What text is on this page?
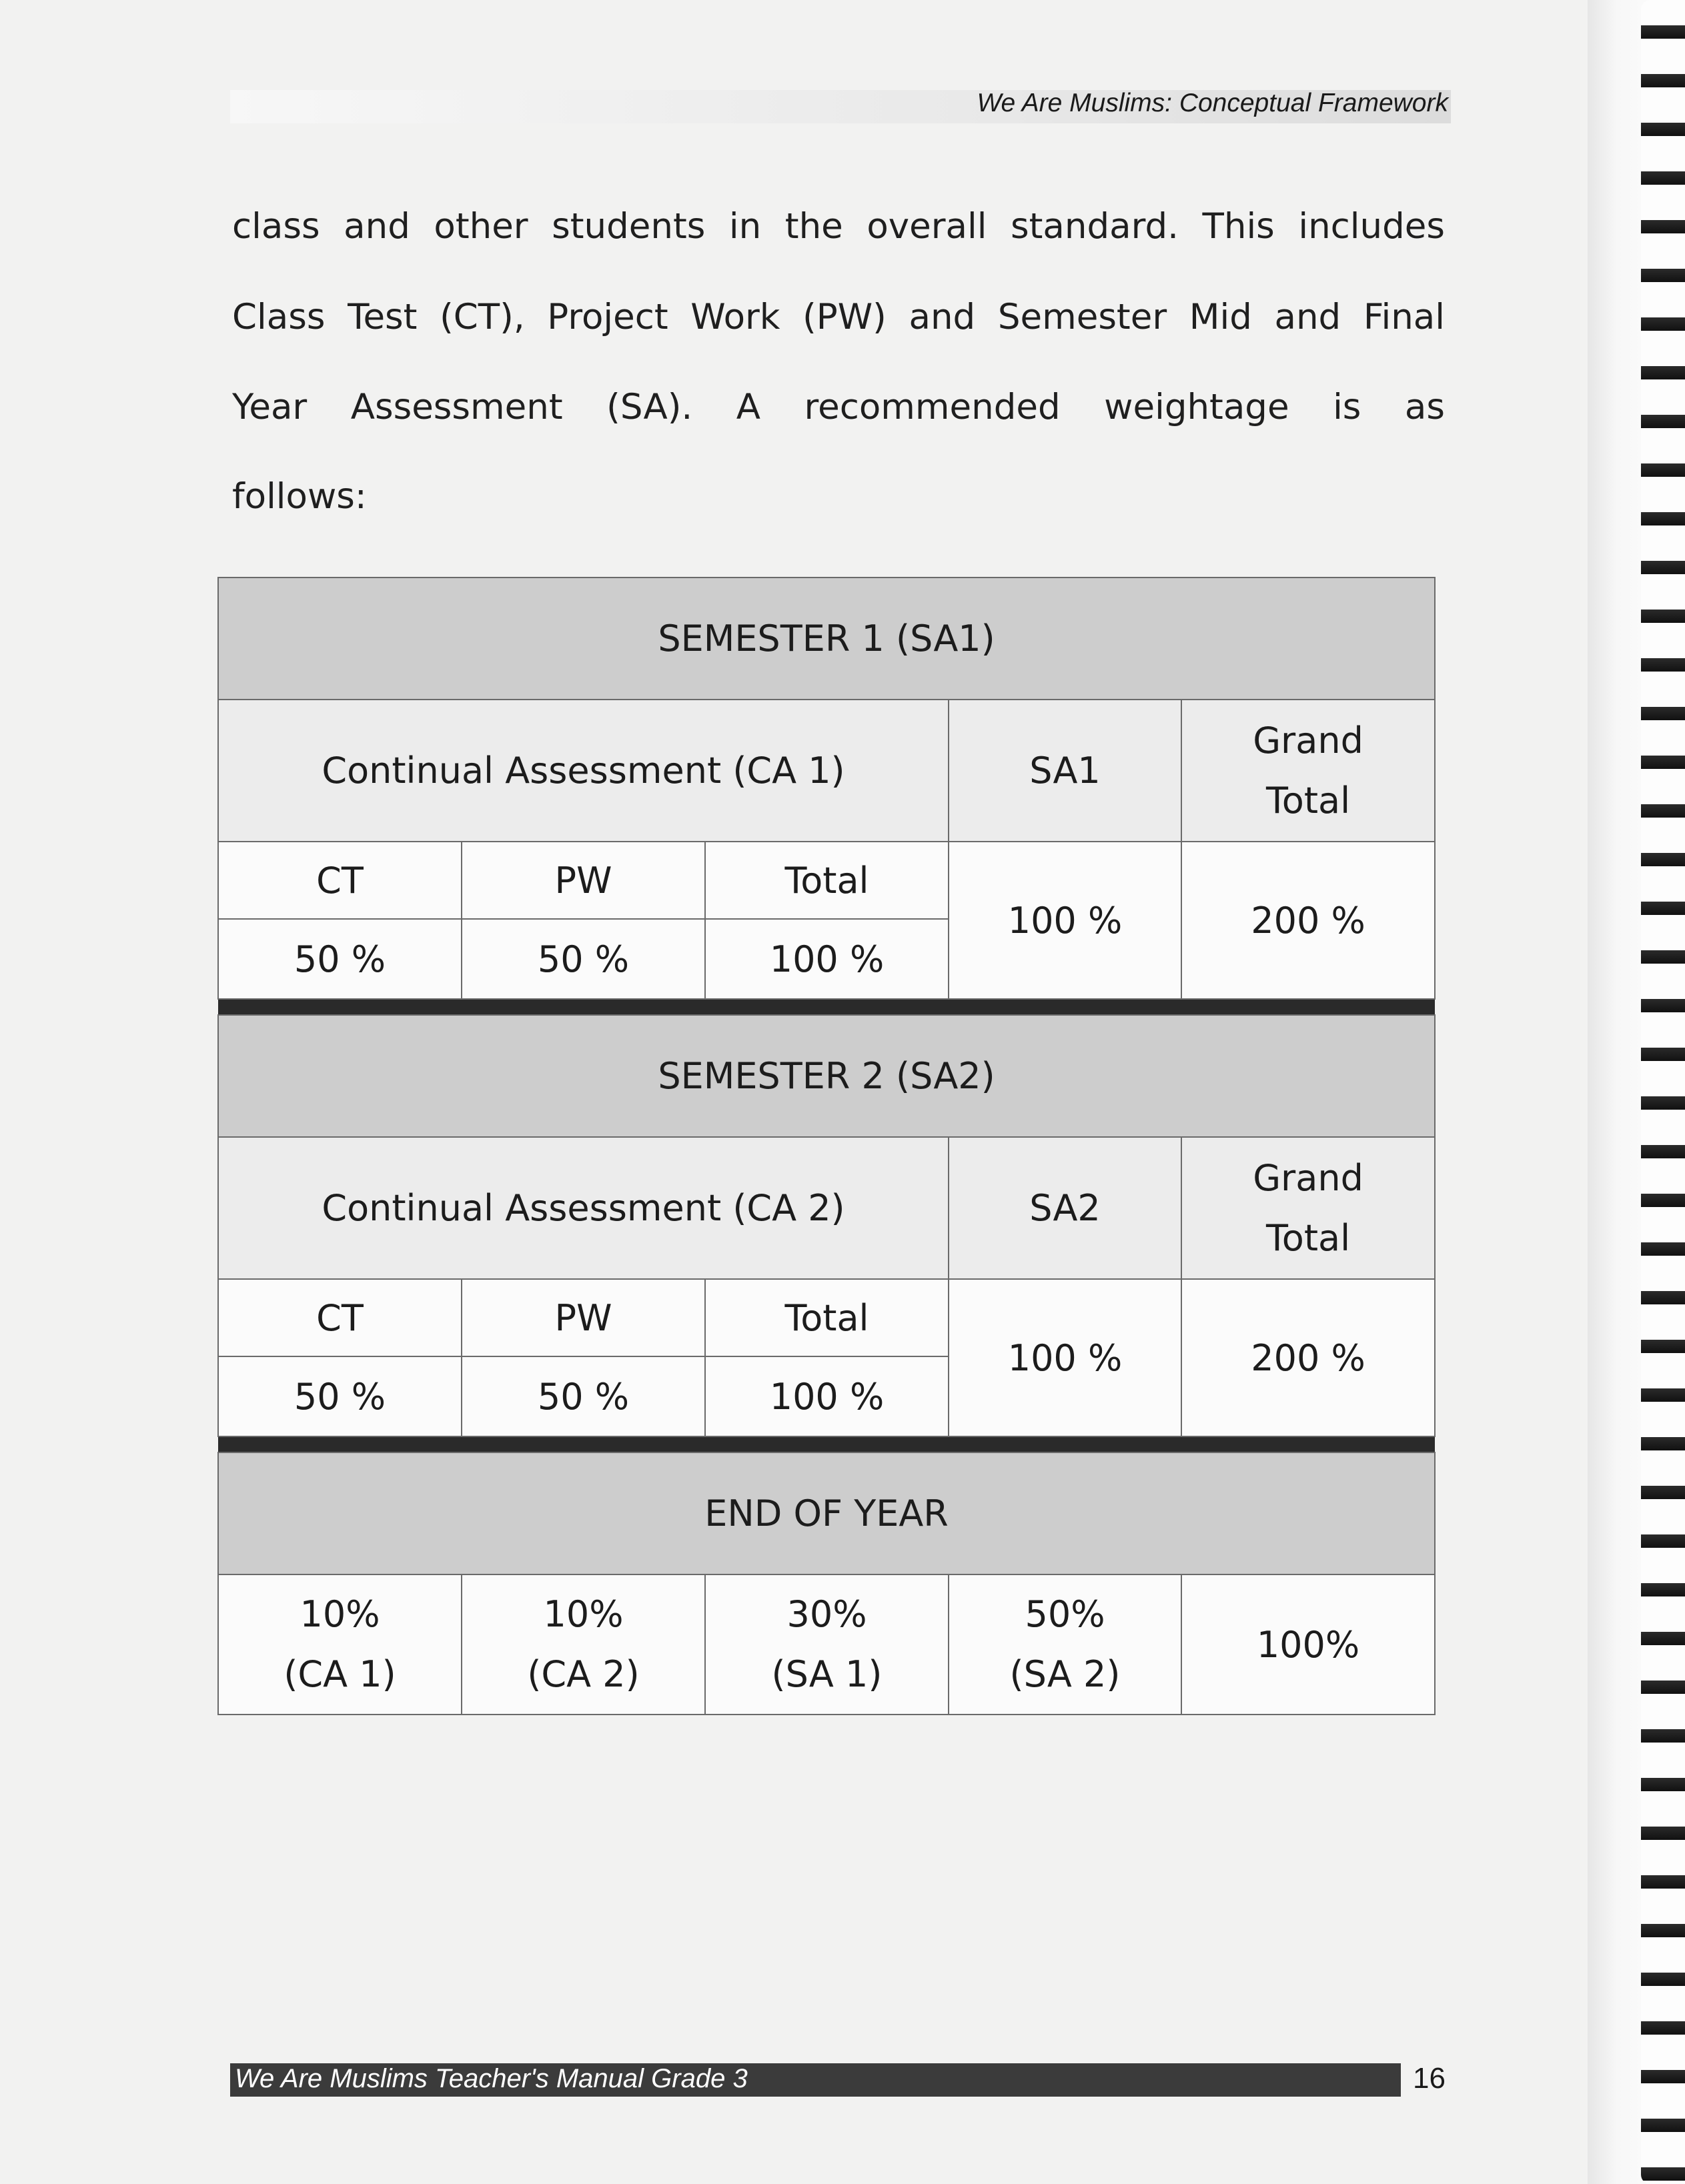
We Are Muslims: Conceptual Framework
class and other students in the overall standard. This includes
Class Test (CT), Project Work (PW) and Semester Mid and Final
Year Assessment (SA). A recommended weightage is as
follows:
SEMESTER 1 (SA1)				
Continual Assessment (CA 1)			SA1	Grand
Total

CT	PW	Total	100 %	200 %
50 %	50 %	100 %		

SEMESTER 2 (SA2)				
Continual Assessment (CA 2)			SA2	Grand
Total

CT	PW	Total	100 %	200 %
50 %	50 %	100 %		

END OF YEAR				

10%
(CA 1)	10%
(CA 2)	30%
(SA 1)	50%
(SA 2)	100%
We Are Muslims Teacher's Manual Grade 3	16
